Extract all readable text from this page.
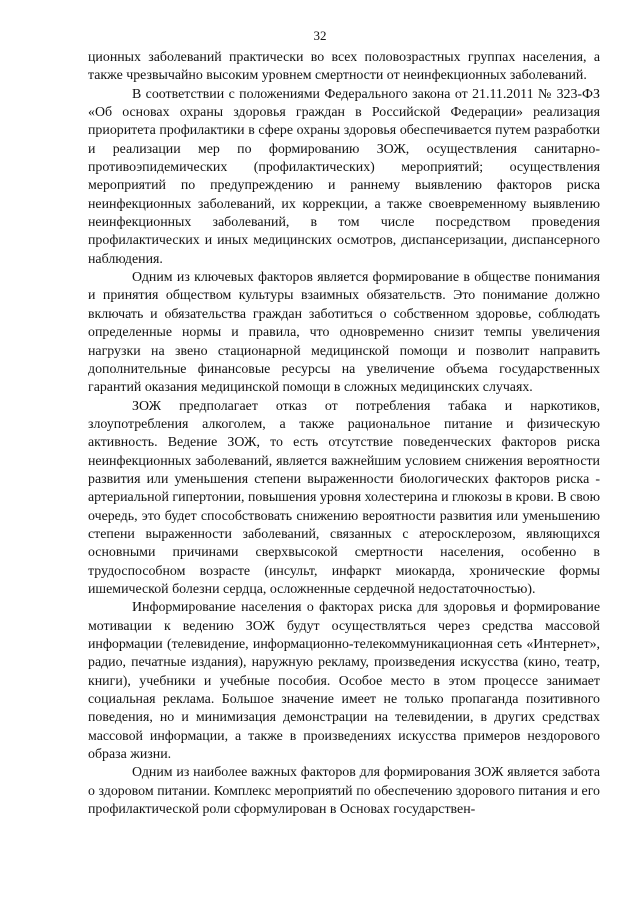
32

ционных заболеваний практически во всех половозрастных группах населения, а также чрезвычайно высоким уровнем смертности от неинфекционных заболеваний.

В соответствии с положениями Федерального закона от 21.11.2011 № 323-ФЗ «Об основах охраны здоровья граждан в Российской Федерации» реализация приоритета профилактики в сфере охраны здоровья обеспечивается путем разработки и реализации мер по формированию ЗОЖ, осуществления санитарно-противоэпидемических (профилактических) мероприятий; осуществления мероприятий по предупреждению и раннему выявлению факторов риска неинфекционных заболеваний, их коррекции, а также своевременному выявлению неинфекционных заболеваний, в том числе посредством проведения профилактических и иных медицинских осмотров, диспансеризации, диспансерного наблюдения.

Одним из ключевых факторов является формирование в обществе понимания и принятия обществом культуры взаимных обязательств. Это понимание должно включать и обязательства граждан заботиться о собственном здоровье, соблюдать определенные нормы и правила, что одновременно снизит темпы увеличения нагрузки на звено стационарной медицинской помощи и позволит направить дополнительные финансовые ресурсы на увеличение объема государственных гарантий оказания медицинской помощи в сложных медицинских случаях.

ЗОЖ предполагает отказ от потребления табака и наркотиков, злоупотребления алкоголем, а также рациональное питание и физическую активность. Ведение ЗОЖ, то есть отсутствие поведенческих факторов риска неинфекционных заболеваний, является важнейшим условием снижения вероятности развития или уменьшения степени выраженности биологических факторов риска - артериальной гипертонии, повышения уровня холестерина и глюкозы в крови. В свою очередь, это будет способствовать снижению вероятности развития или уменьшению степени выраженности заболеваний, связанных с атеросклерозом, являющихся основными причинами сверхвысокой смертности населения, особенно в трудоспособном возрасте (инсульт, инфаркт миокарда, хронические формы ишемической болезни сердца, осложненные сердечной недостаточностью).

Информирование населения о факторах риска для здоровья и формирование мотивации к ведению ЗОЖ будут осуществляться через средства массовой информации (телевидение, информационно-телекоммуникационная сеть «Интернет», радио, печатные издания), наружную рекламу, произведения искусства (кино, театр, книги), учебники и учебные пособия. Особое место в этом процессе занимает социальная реклама. Большое значение имеет не только пропаганда позитивного поведения, но и минимизация демонстрации на телевидении, в других средствах массовой информации, а также в произведениях искусства примеров нездорового образа жизни.

Одним из наиболее важных факторов для формирования ЗОЖ является забота о здоровом питании. Комплекс мероприятий по обеспечению здорового питания и его профилактической роли сформулирован в Основах государствен-
